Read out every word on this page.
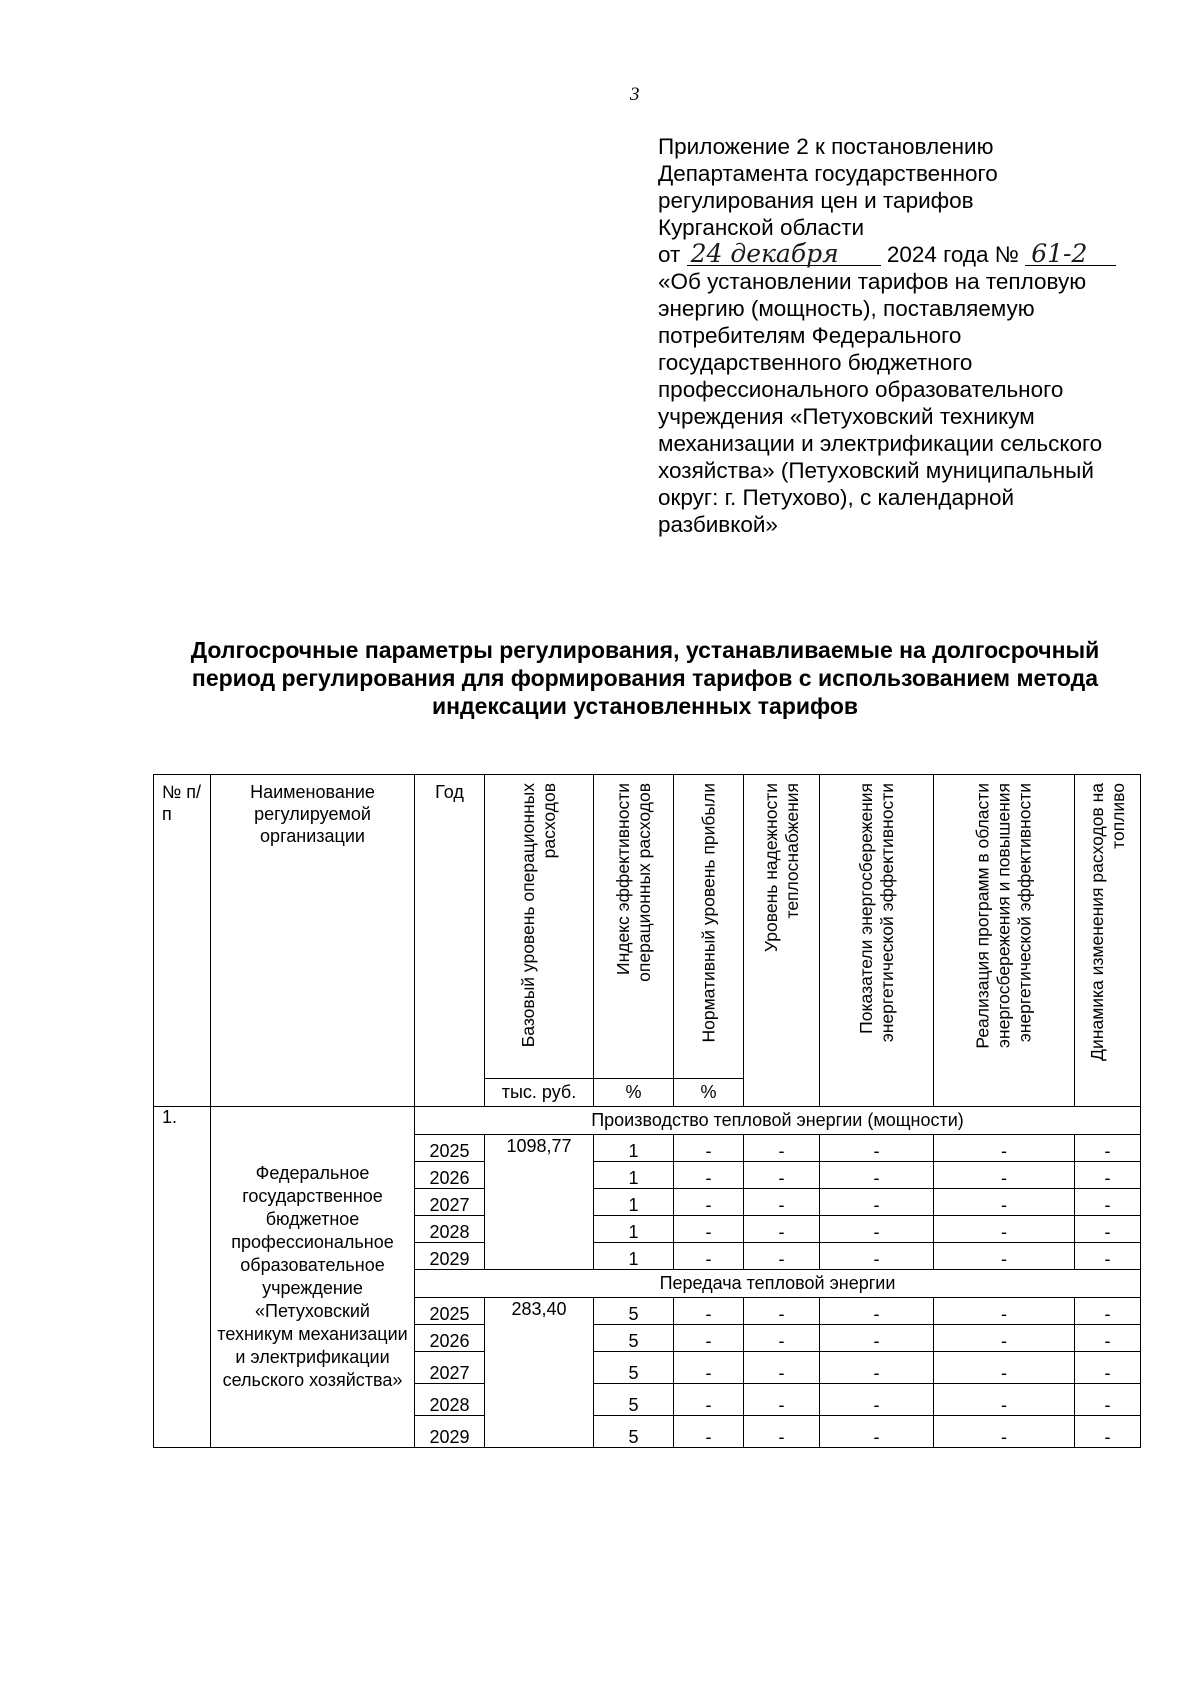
3
Приложение 2 к постановлению
Департамента государственного
регулирования цен и тарифов
Курганской области
от 24 декабря 2024 года № 61-2
«Об установлении тарифов на тепловую
энергию (мощность), поставляемую
потребителям Федерального
государственного бюджетного
профессионального образовательного
учреждения «Петуховский техникум
механизации и электрификации сельского
хозяйства» (Петуховский муниципальный
округ: г. Петухово), с календарной
разбивкой»
Долгосрочные параметры регулирования, устанавливаемые на долгосрочный
период регулирования для формирования тарифов с использованием метода
индексации установленных тарифов
№ п/п	Наименование регулируемой организации	Год	Базовый уровень операционных расходов	Индекс эффективности операционных расходов	Нормативный уровень прибыли	Уровень надежности теплоснабжения	Показатели энергосбережения энергетической эффективности	Реализация программ в области энергосбережения и повышения энергетической эффективности	Динамика изменения расходов на топливо

			тыс. руб.	%	%				
1.	Федеральное государственное бюджетное профессиональное образовательное учреждение «Петуховский техникум механизации и электрификации сельского хозяйства»	Производство тепловой энергии (мощности)							
		2025	1098,77	1	-	-	-	-	-
		2026		1	-	-	-	-	-
		2027		1	-	-	-	-	-
		2028		1	-	-	-	-	-
		2029		1	-	-	-	-	-
		Передача тепловой энергии							
		2025	283,40	5	-	-	-	-	-
		2026		5	-	-	-	-	-
		2027		5	-	-	-	-	-
		2028		5	-	-	-	-	-
		2029		5	-	-	-	-	-
